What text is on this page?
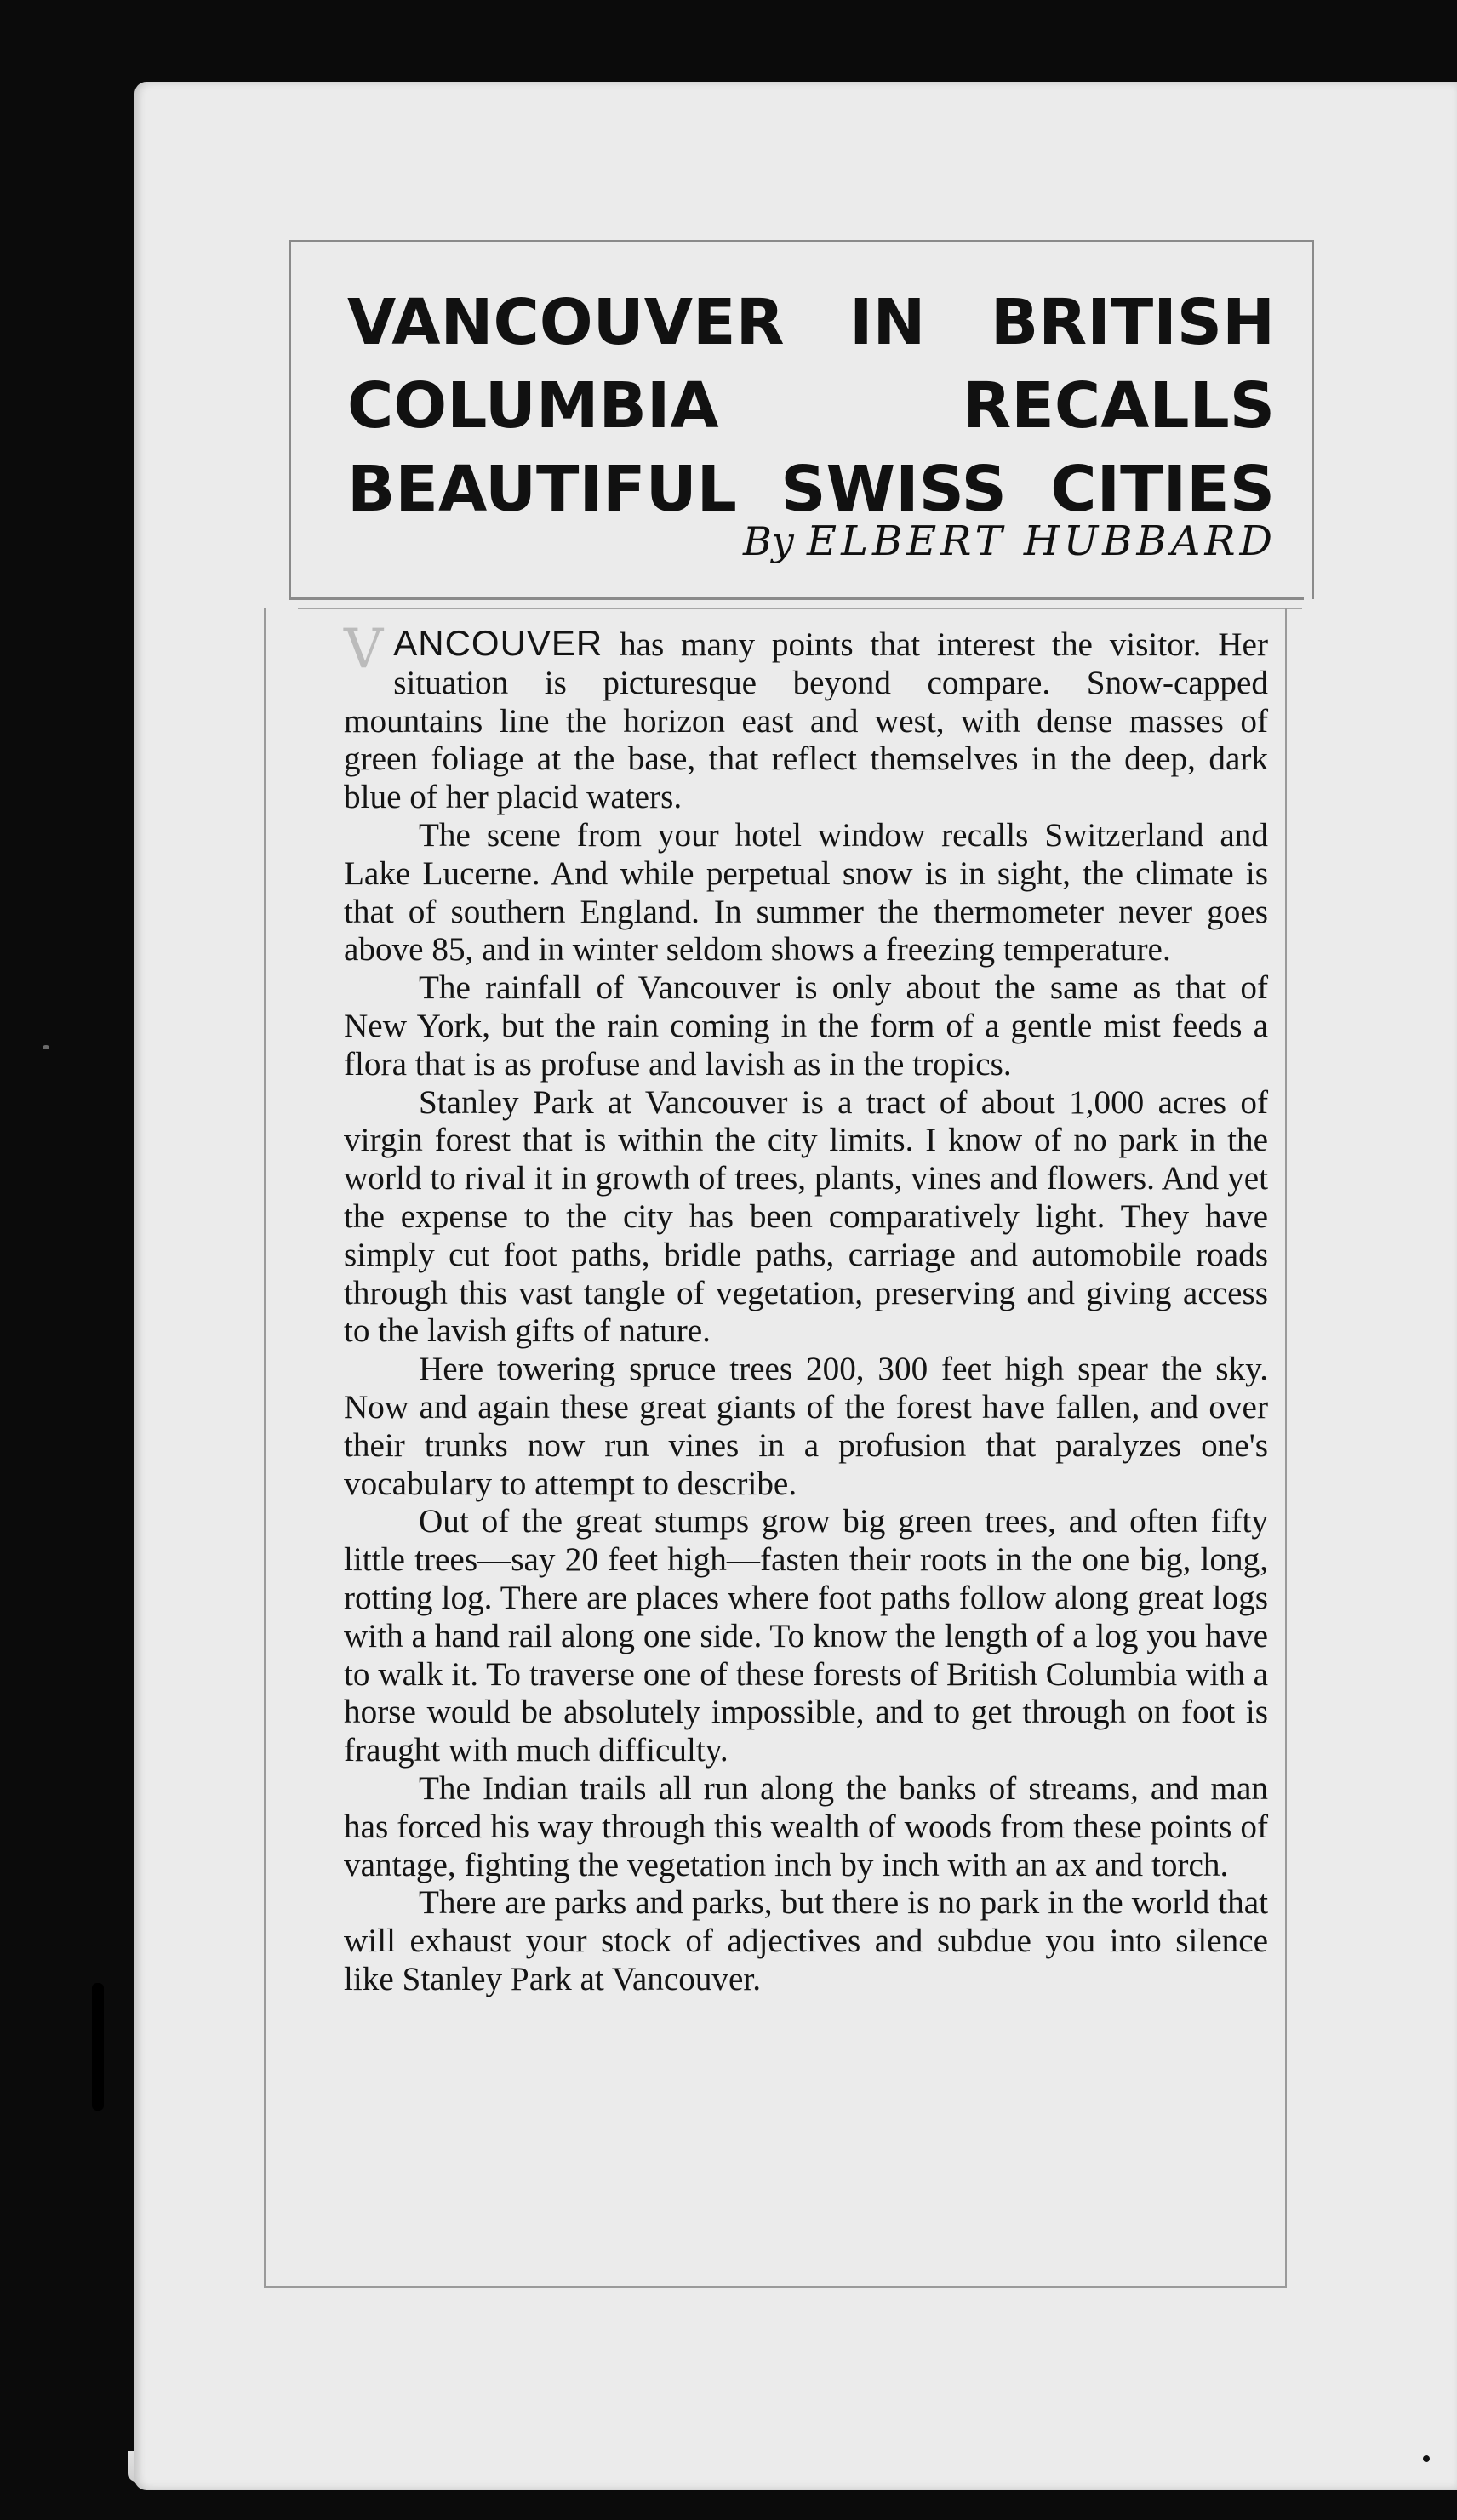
VANCOUVER IN BRITISH
COLUMBIA RECALLS
BEAUTIFUL SWISS CITIES
By ELBERT HUBBARD

VANCOUVER has many points that interest the visitor. Her situation is picturesque beyond compare. Snow-capped mountains line the horizon east and west, with dense masses of green foliage at the base, that reflect themselves in the deep, dark blue of her placid waters.

The scene from your hotel window recalls Switzerland and Lake Lucerne. And while perpetual snow is in sight, the climate is that of southern England. In summer the thermometer never goes above 85, and in winter seldom shows a freezing temperature.

The rainfall of Vancouver is only about the same as that of New York, but the rain coming in the form of a gentle mist feeds a flora that is as profuse and lavish as in the tropics.

Stanley Park at Vancouver is a tract of about 1,000 acres of virgin forest that is within the city limits. I know of no park in the world to rival it in growth of trees, plants, vines and flowers. And yet the expense to the city has been comparatively light. They have simply cut foot paths, bridle paths, carriage and automobile roads through this vast tangle of vegetation, preserving and giving access to the lavish gifts of nature.

Here towering spruce trees 200, 300 feet high spear the sky. Now and again these great giants of the forest have fallen, and over their trunks now run vines in a profusion that paralyzes one's vocabulary to attempt to describe.

Out of the great stumps grow big green trees, and often fifty little trees—say 20 feet high—fasten their roots in the one big, long, rotting log. There are places where foot paths follow along great logs with a hand rail along one side. To know the length of a log you have to walk it. To traverse one of these forests of British Columbia with a horse would be absolutely impossible, and to get through on foot is fraught with much difficulty.

The Indian trails all run along the banks of streams, and man has forced his way through this wealth of woods from these points of vantage, fighting the vegetation inch by inch with an ax and torch.

There are parks and parks, but there is no park in the world that will exhaust your stock of adjectives and subdue you into silence like Stanley Park at Vancouver.
